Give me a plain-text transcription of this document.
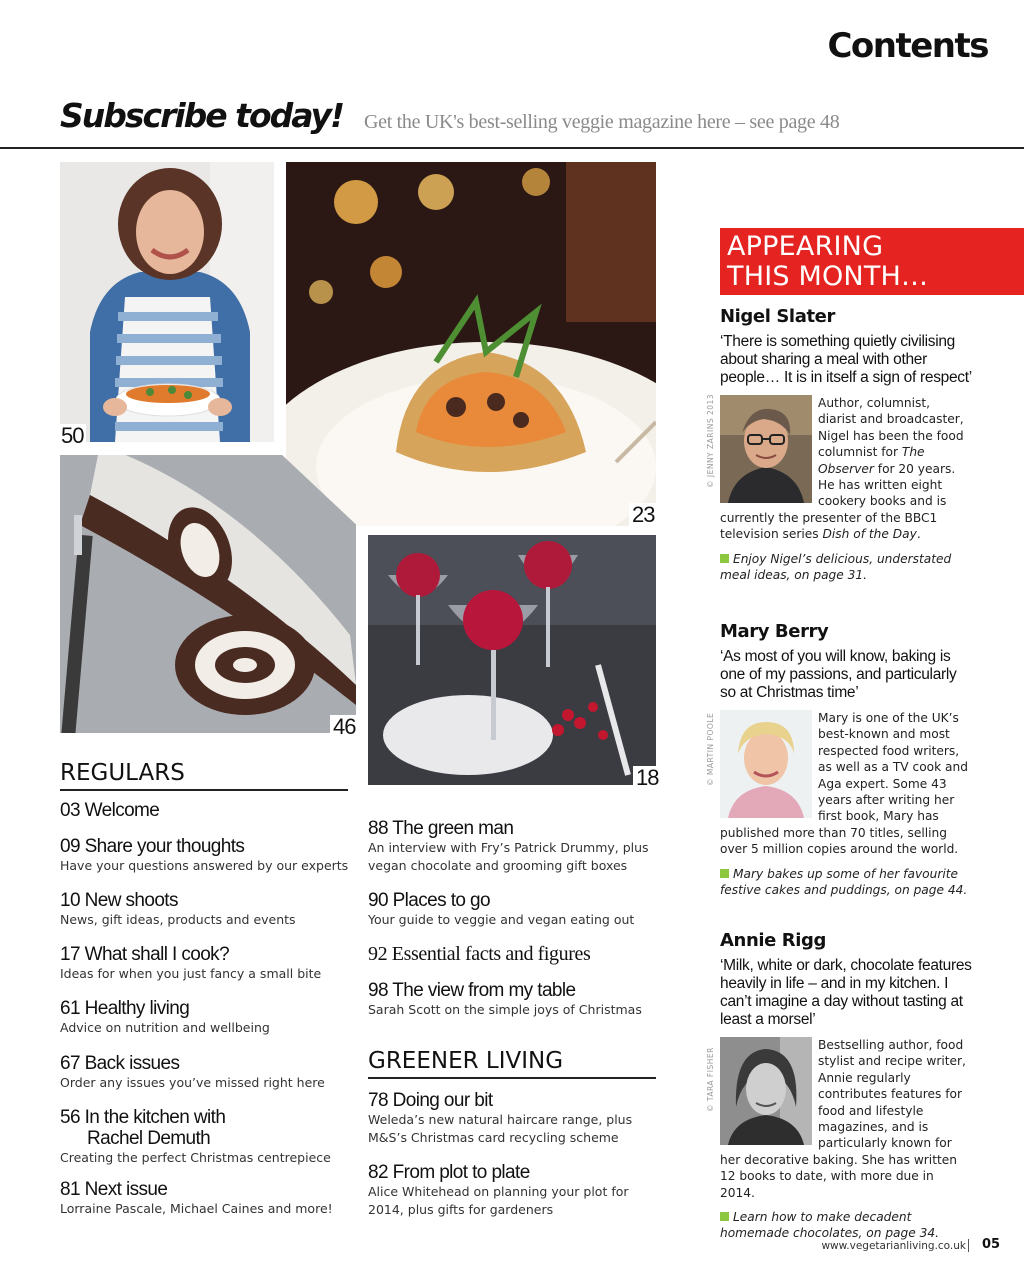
Contents
Subscribe today! Get the UK's best-selling veggie magazine here – see page 48
50
23
46
18
REGULARS
03 Welcome
09 Share your thoughts
Have your questions answered by our experts
10 New shoots
News, gift ideas, products and events
17 What shall I cook?
Ideas for when you just fancy a small bite
61 Healthy living
Advice on nutrition and wellbeing
67 Back issues
Order any issues you’ve missed right here
56 In the kitchen with
Rachel Demuth
Creating the perfect Christmas centrepiece
81 Next issue
Lorraine Pascale, Michael Caines and more!
88 The green man
An interview with Fry’s Patrick Drummy, plus
vegan chocolate and grooming gift boxes
90 Places to go
Your guide to veggie and vegan eating out
92 Essential facts and figures
98 The view from my table
Sarah Scott on the simple joys of Christmas
GREENER LIVING
78 Doing our bit
Weleda’s new natural haircare range, plus
M&S’s Christmas card recycling scheme
82 From plot to plate
Alice Whitehead on planning your plot for
2014, plus gifts for gardeners
APPEARING
THIS MONTH…
Nigel Slater
‘There is something quietly civilising about sharing a meal with other people… It is in itself a sign of respect’
Author, columnist, diarist and broadcaster, Nigel has been the food columnist for The Observer for 20 years. He has written eight cookery books and is currently the presenter of the BBC1 television series Dish of the Day.
Enjoy Nigel’s delicious, understated meal ideas, on page 31.
© JENNY ZARINS 2013
Mary Berry
‘As most of you will know, baking is one of my passions, and particularly so at Christmas time’
Mary is one of the UK’s best-known and most respected food writers, as well as a TV cook and Aga expert. Some 43 years after writing her first book, Mary has published more than 70 titles, selling over 5 million copies around the world.
Mary bakes up some of her favourite festive cakes and puddings, on page 44.
© MARTIN POOLE
Annie Rigg
‘Milk, white or dark, chocolate features heavily in life – and in my kitchen. I can’t imagine a day without tasting at least a morsel’
Bestselling author, food stylist and recipe writer, Annie regularly contributes features for food and lifestyle magazines, and is particularly known for her decorative baking. She has written 12 books to date, with more due in 2014.
Learn how to make decadent homemade chocolates, on page 34.
© TARA FISHER
www.vegetarianliving.co.uk 05
